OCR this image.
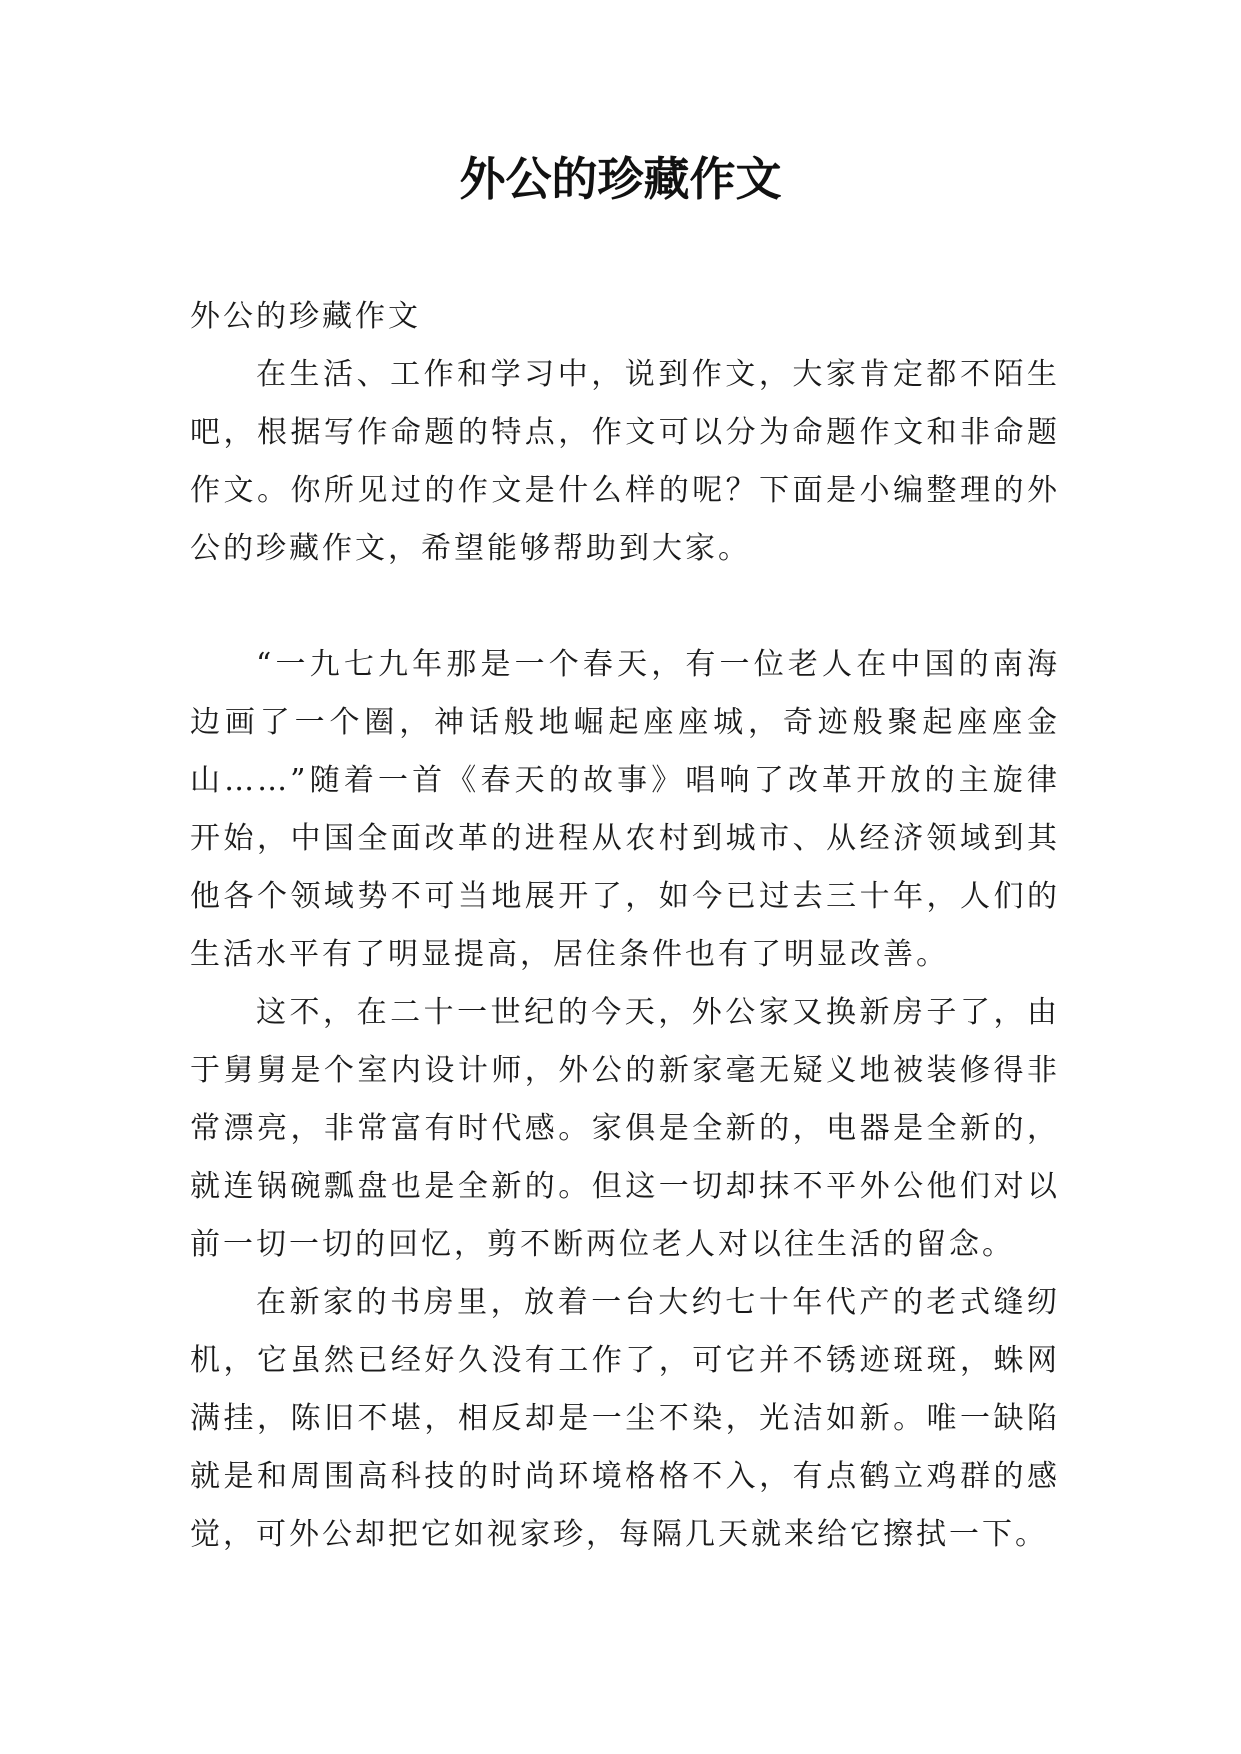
外公的珍藏作文

外公的珍藏作文

在生活、工作和学习中，说到作文，大家肯定都不陌生吧，根据写作命题的特点，作文可以分为命题作文和非命题作文。你所见过的作文是什么样的呢？下面是小编整理的外公的珍藏作文，希望能够帮助到大家。

“一九七九年那是一个春天，有一位老人在中国的南海边画了一个圈，神话般地崛起座座城，奇迹般聚起座座金山……”随着一首《春天的故事》唱响了改革开放的主旋律开始，中国全面改革的进程从农村到城市、从经济领域到其他各个领域势不可当地展开了，如今已过去三十年，人们的生活水平有了明显提高，居住条件也有了明显改善。

这不，在二十一世纪的今天，外公家又换新房子了，由于舅舅是个室内设计师，外公的新家毫无疑义地被装修得非常漂亮，非常富有时代感。家俱是全新的，电器是全新的，就连锅碗瓢盘也是全新的。但这一切却抹不平外公他们对以前一切一切的回忆，剪不断两位老人对以往生活的留念。

在新家的书房里，放着一台大约七十年代产的老式缝纫机，它虽然已经好久没有工作了，可它并不锈迹斑斑，蛛网满挂，陈旧不堪，相反却是一尘不染，光洁如新。唯一缺陷就是和周围高科技的时尚环境格格不入，有点鹤立鸡群的感觉，可外公却把它如视家珍，每隔几天就来给它擦拭一下。
